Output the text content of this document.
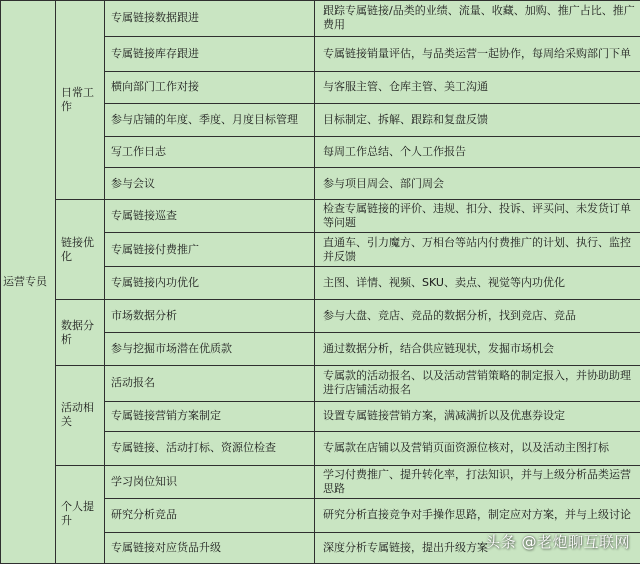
运营专员	日常工作	专属链接数据跟进	跟踪专属链接/品类的业绩、流量、收藏、加购、推广占比、推广费用
		专属链接库存跟进	专属链接销量评估，与品类运营一起协作，每周给采购部门下单
		横向部门工作对接	与客服主管、仓库主管、美工沟通
		参与店铺的年度、季度、月度目标管理	目标制定、拆解、跟踪和复盘反馈
		写工作日志	每周工作总结、个人工作报告
		参与会议	参与项目周会、部门周会
	链接优化	专属链接巡查	检查专属链接的评价、违规、扣分、投诉、评买问、未发货订单等问题
		专属链接付费推广	直通车、引力魔方、万相台等站内付费推广的计划、执行、监控并反馈
		专属链接内功优化	主图、详情、视频、SKU、卖点、视觉等内功优化
	数据分析	市场数据分析	参与大盘、竞店、竞品的数据分析，找到竞店、竞品
		参与挖掘市场潜在优质款	通过数据分析，结合供应链现状，发掘市场机会
	活动相关	活动报名	专属款的活动报名、以及活动营销策略的制定报入，并协助助理进行店铺活动报名
		专属链接营销方案制定	设置专属链接营销方案，满减满折以及优惠券设定
		专属链接、活动打标、资源位检查	专属款在店铺以及营销页面资源位核对，以及活动主图打标
	个人提升	学习岗位知识	学习付费推广、提升转化率，打法知识，并与上级分析品类运营思路
		研究分析竞品	研究分析直接竞争对手操作思路，制定应对方案，并与上级讨论
		专属链接对应货品升级	深度分析专属链接，提出升级方案
头条 @老炮聊互联网
